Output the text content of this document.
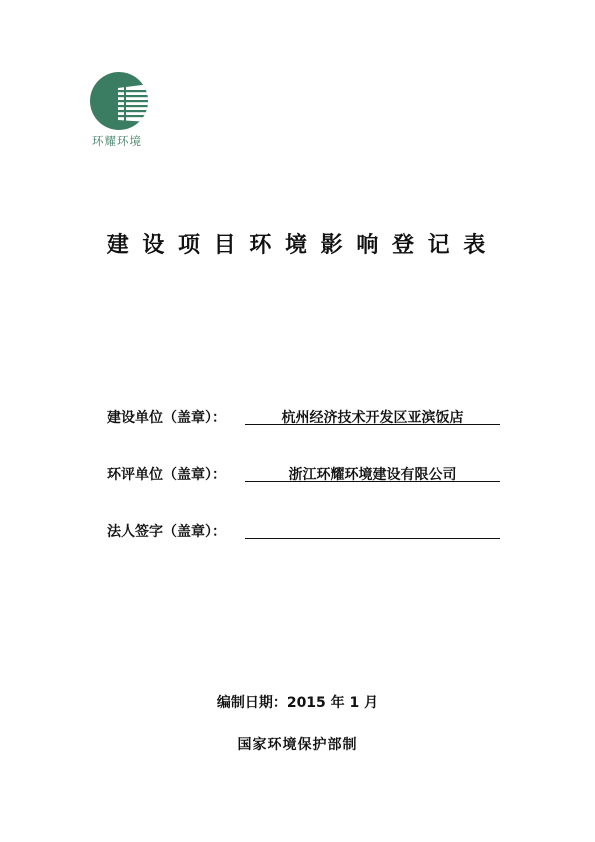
环耀环境
建 设 项 目 环 境 影 响 登 记 表
建设单位（盖章）：	杭州经济技术开发区亚滨饭店
环评单位（盖章）：	浙江环耀环境建设有限公司
法人签字（盖章）：
编制日期：2015 年 1 月
国家环境保护部制
